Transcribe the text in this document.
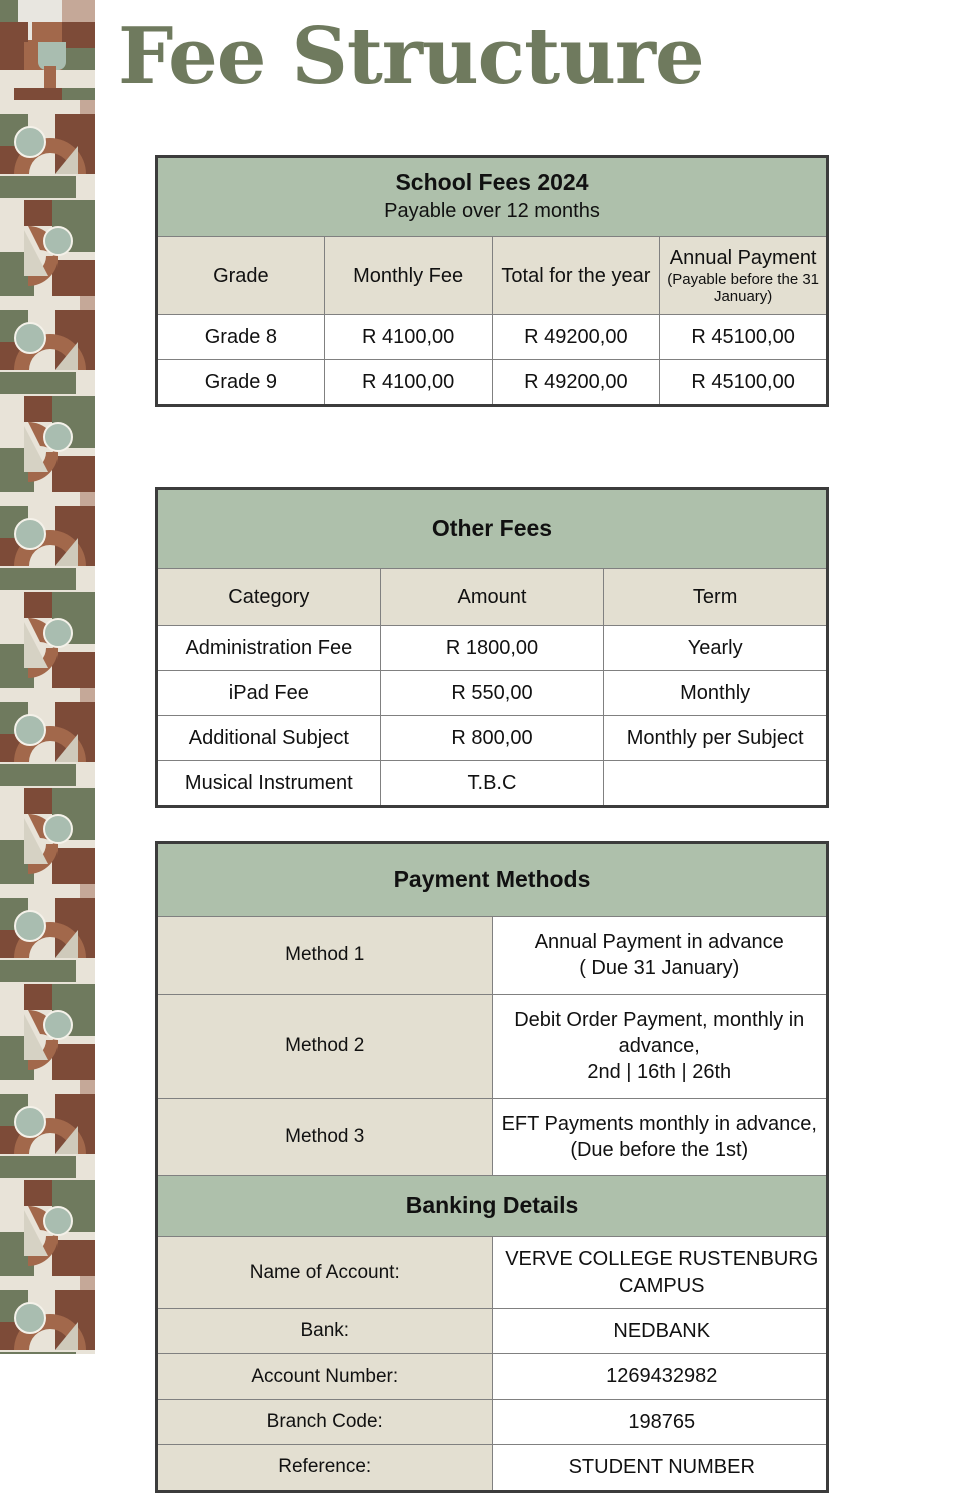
Fee Structure
School Fees 2024
Payable over 12 months			

Grade	Monthly Fee	Total for the year	Annual Payment
(Payable before the 31 January)

Grade 8	R 4100,00	R 49200,00	R 45100,00
Grade 9	R 4100,00	R 49200,00	R 45100,00
Other Fees		

Category	Amount	Term
Administration Fee	R 1800,00	Yearly
iPad Fee	R 550,00	Monthly
Additional Subject	R 800,00	Monthly per Subject
Musical Instrument	T.B.C	
Payment Methods	

Method 1	Annual Payment in advance
( Due 31 January)

Method 2	Debit Order Payment, monthly in advance,
2nd | 16th | 26th

Method 3	EFT Payments monthly in advance,
(Due before the 1st)

Banking Details	

Name of Account:	VERVE COLLEGE RUSTENBURG CAMPUS
Bank:	NEDBANK
Account Number:	1269432982
Branch Code:	198765
Reference:	STUDENT NUMBER
